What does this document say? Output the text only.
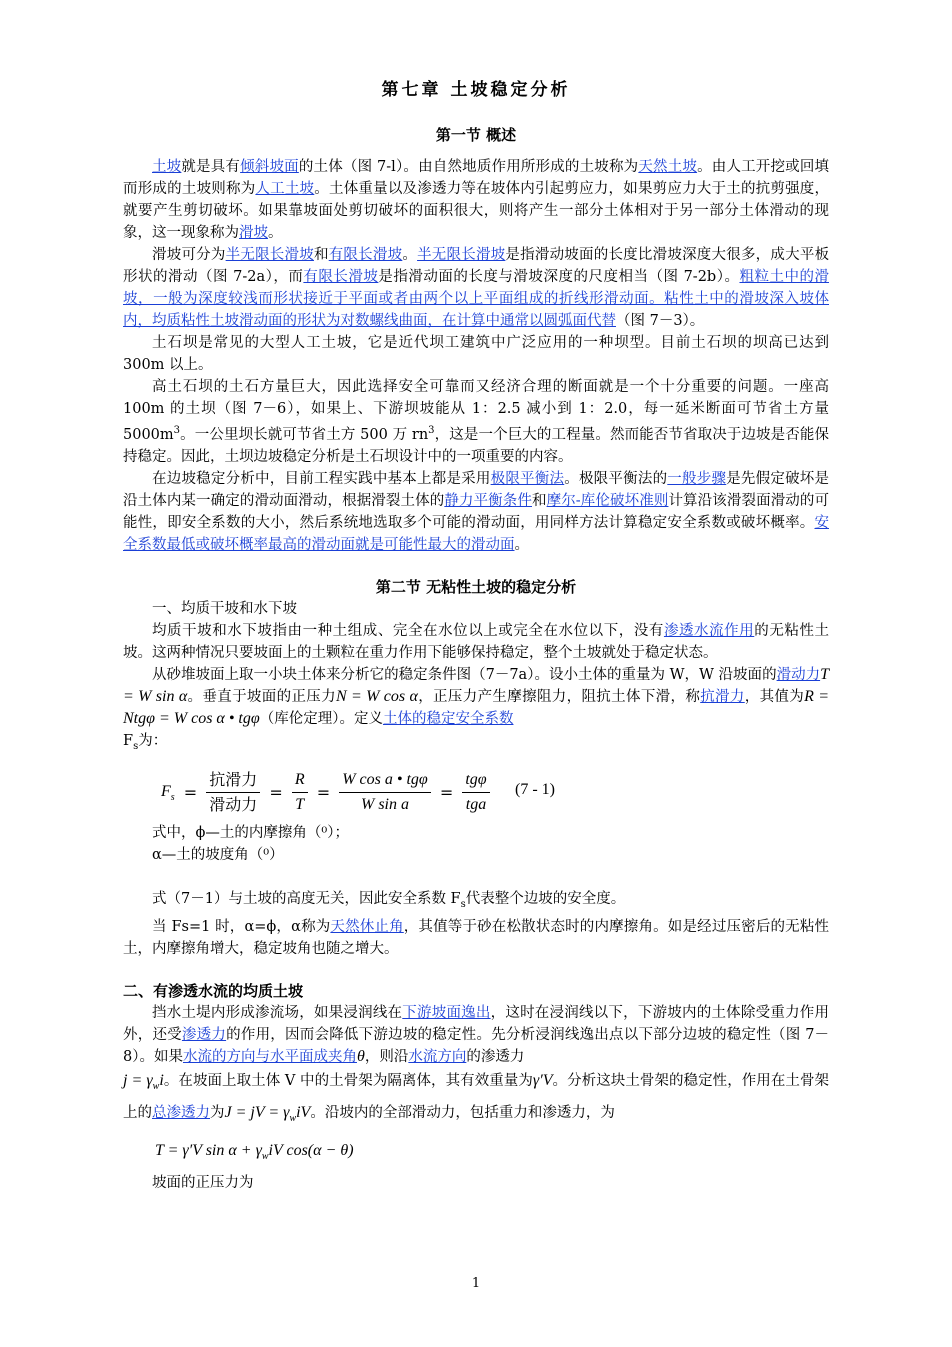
第七章 土坡稳定分析
第一节 概述

土坡就是具有倾斜坡面的土体（图 7-l）。由自然地质作用所形成的土坡称为天然土坡。由人工开挖或回填而形成的土坡则称为人工土坡。土体重量以及渗透力等在坡体内引起剪应力，如果剪应力大于土的抗剪强度，就要产生剪切破坏。如果靠坡面处剪切破坏的面积很大，则将产生一部分土体相对于另一部分土体滑动的现象，这一现象称为滑坡。

滑坡可分为半无限长滑坡和有限长滑坡。半无限长滑坡是指滑动坡面的长度比滑坡深度大很多，成大平板形状的滑动（图 7-2a），而有限长滑坡是指滑动面的长度与滑坡深度的尺度相当（图 7-2b）。粗粒土中的滑坡，一般为深度较浅而形状接近于平面或者由两个以上平面组成的折线形滑动面。粘性土中的滑坡深入坡体内，均质粘性土坡滑动面的形状为对数螺线曲面，在计算中通常以圆弧面代替（图 7－3）。

土石坝是常见的大型人工土坡，它是近代坝工建筑中广泛应用的一种坝型。目前土石坝的坝高已达到 300m 以上。

高土石坝的土石方量巨大，因此选择安全可靠而又经济合理的断面就是一个十分重要的问题。一座高 100m 的土坝（图 7－6），如果上、下游坝坡能从 1：2.5 减小到 1：2.0，每一延米断面可节省土方量 $5000m^3$。一公里坝长就可节省土方 500 万 $rn^3$，这是一个巨大的工程量。然而能否节省取决于边坡是否能保持稳定。因此，土坝边坡稳定分析是土石坝设计中的一项重要的内容。

在边坡稳定分析中，目前工程实践中基本上都是采用极限平衡法。极限平衡法的一般步骤是先假定破坏是沿土体内某一确定的滑动面滑动，根据滑裂土体的静力平衡条件和摩尔-库伦破坏准则计算沿该滑裂面滑动的可能性，即安全系数的大小，然后系统地选取多个可能的滑动面，用同样方法计算稳定安全系数或破坏概率。安全系数最低或破坏概率最高的滑动面就是可能性最大的滑动面。

第二节 无粘性土坡的稳定分析

一、均质干坡和水下坡

均质干坡和水下坡指由一种土组成、完全在水位以上或完全在水位以下，没有渗透水流作用的无粘性土坡。这两种情况只要坡面上的土颗粒在重力作用下能够保持稳定，整个土坡就处于稳定状态。

从砂堆坡面上取一小块土体来分析它的稳定条件图（7－7a）。设小土体的重量为 W，W 沿坡面的滑动力T = W sin α。垂直于坡面的正压力N = W cos α，正压力产生摩擦阻力，阻抗土体下滑，称抗滑力，其值为R = Ntgφ = W cos α • tgφ（库伦定理）。定义土体的稳定安全系数

$F_s$为：

$F_s = \frac{\text{抗滑力}}{\text{滑动力}} = \frac{R}{T} = \frac{\text{W cos a • tgφ}}{\text{W sin a}} = \frac{\text{tgφ}}{\text{tga}} (7 - 1)$

式中，ϕ—土的内摩擦角（⁰）；

α—土的坡度角（⁰）

式（7－1）与土坡的高度无关，因此安全系数 $F_s$代表整个边坡的安全度。

当 Fs=1 时，α=ϕ，α称为天然休止角，其值等于砂在松散状态时的内摩擦角。如是经过压密后的无粘性土，内摩擦角增大，稳定坡角也随之增大。

二、有渗透水流的均质土坡

挡水土堤内形成渗流场，如果浸润线在下游坡面逸出，这时在浸润线以下，下游坡内的土体除受重力作用外，还受渗透力的作用，因而会降低下游边坡的稳定性。先分析浸润线逸出点以下部分边坡的稳定性（图 7－8）。如果水流的方向与水平面成夹角θ，则沿水流方向的渗透力

$j = \gamma_wi$。在坡面上取土体 V 中的土骨架为隔离体，其有效重量为γ′V。分析这块土骨架的稳定性，作用在土骨架上的总渗透力为J = jV = $\gamma_wiV$。沿坡内的全部滑动力，包括重力和渗透力，为

T = γ′V $\sin \alpha + \gamma_wiV$ cos(α − θ)

坡面的正压力为

1
